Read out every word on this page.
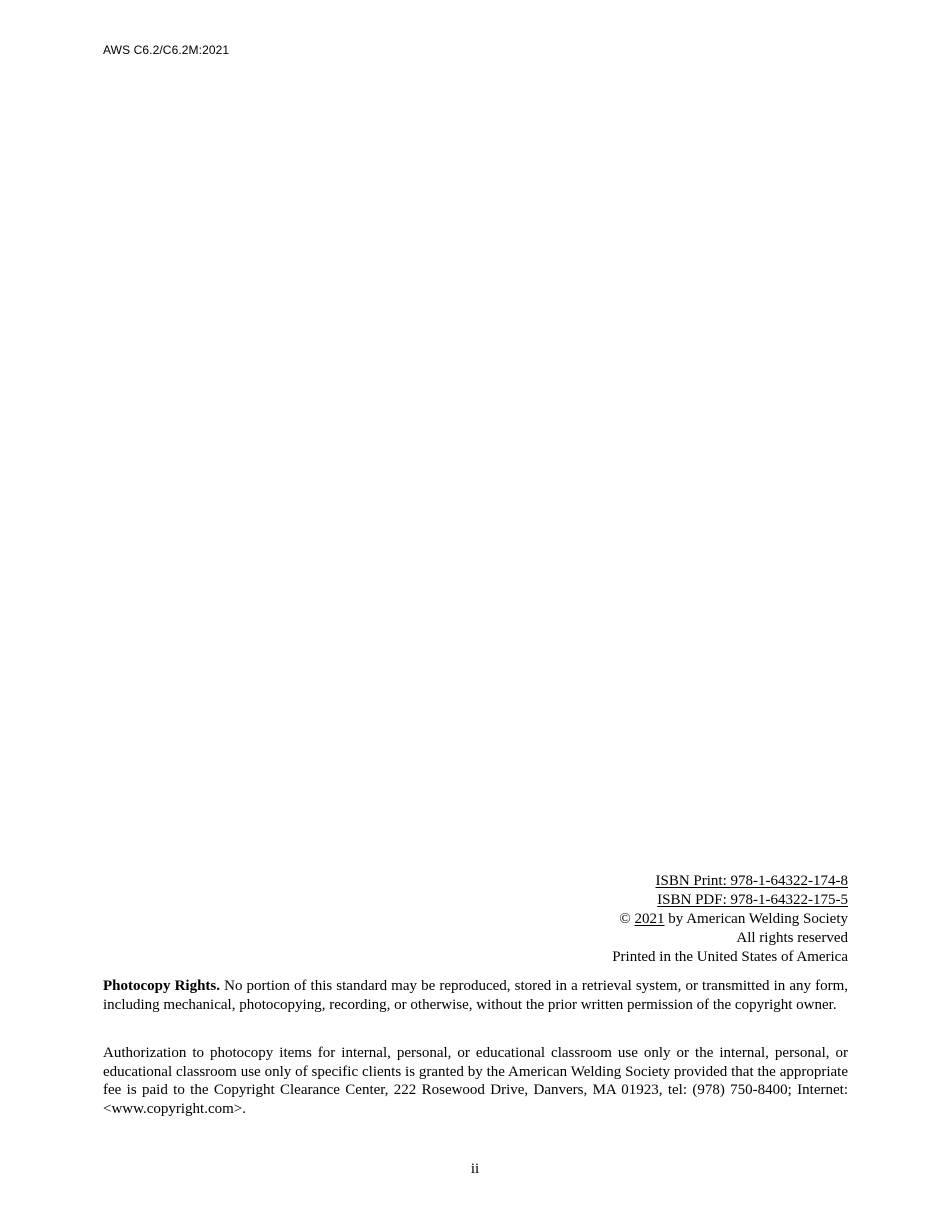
AWS C6.2/C6.2M:2021
ISBN Print: 978-1-64322-174-8
ISBN PDF: 978-1-64322-175-5
© 2021 by American Welding Society
All rights reserved
Printed in the United States of America

Photocopy Rights. No portion of this standard may be reproduced, stored in a retrieval system, or transmitted in any form, including mechanical, photocopying, recording, or otherwise, without the prior written permission of the copyright owner.

Authorization to photocopy items for internal, personal, or educational classroom use only or the internal, personal, or educational classroom use only of specific clients is granted by the American Welding Society provided that the appropriate fee is paid to the Copyright Clearance Center, 222 Rosewood Drive, Danvers, MA 01923, tel: (978) 750-8400; Internet: <www.copyright.com>.

ii
